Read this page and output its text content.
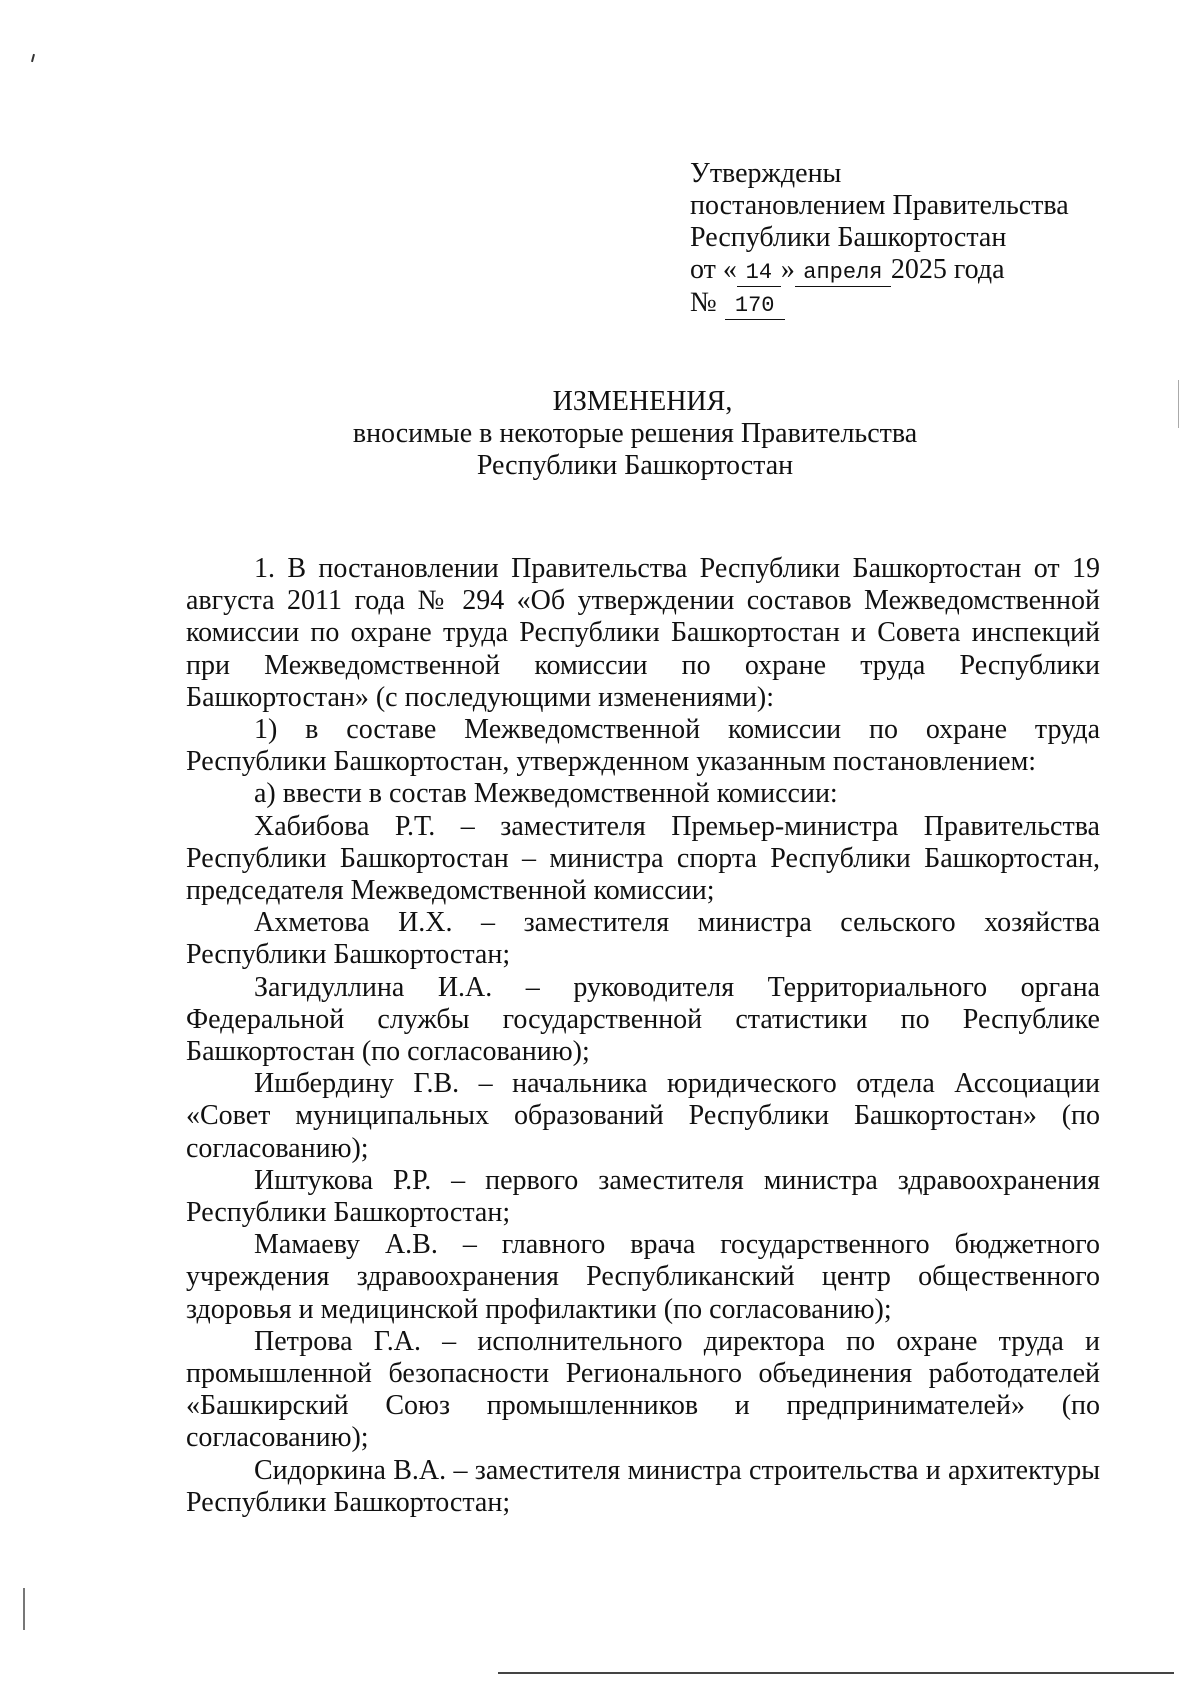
Утверждены
постановлением Правительства
Республики Башкортостан
от « 14 » апреля 2025 года
№ 170
ИЗМЕНЕНИЯ,
вносимые в некоторые решения Правительства
Республики Башкортостан

1. В постановлении Правительства Республики Башкортостан от 19 августа 2011 года № 294 «Об утверждении составов Межведомственной комиссии по охране труда Республики Башкортостан и Совета инспекций при Межведомственной комиссии по охране труда Республики Башкортостан» (с последующими изменениями):

1) в составе Межведомственной комиссии по охране труда Республики Башкортостан, утвержденном указанным постановлением:

а) ввести в состав Межведомственной комиссии:

Хабибова Р.Т. – заместителя Премьер-министра Правительства Республики Башкортостан – министра спорта Республики Башкортостан, председателя Межведомственной комиссии;

Ахметова И.Х. – заместителя министра сельского хозяйства Республики Башкортостан;

Загидуллина И.А. – руководителя Территориального органа Федеральной службы государственной статистики по Республике Башкортостан (по согласованию);

Ишбердину Г.В. – начальника юридического отдела Ассоциации «Совет муниципальных образований Республики Башкортостан» (по согласованию);

Иштукова Р.Р. – первого заместителя министра здравоохранения Республики Башкортостан;

Мамаеву А.В. – главного врача государственного бюджетного учреждения здравоохранения Республиканский центр общественного здоровья и медицинской профилактики (по согласованию);

Петрова Г.А. – исполнительного директора по охране труда и промышленной безопасности Регионального объединения работодателей «Башкирский Союз промышленников и предпринимателей» (по согласованию);

Сидоркина В.А. – заместителя министра строительства и архитектуры Республики Башкортостан;
